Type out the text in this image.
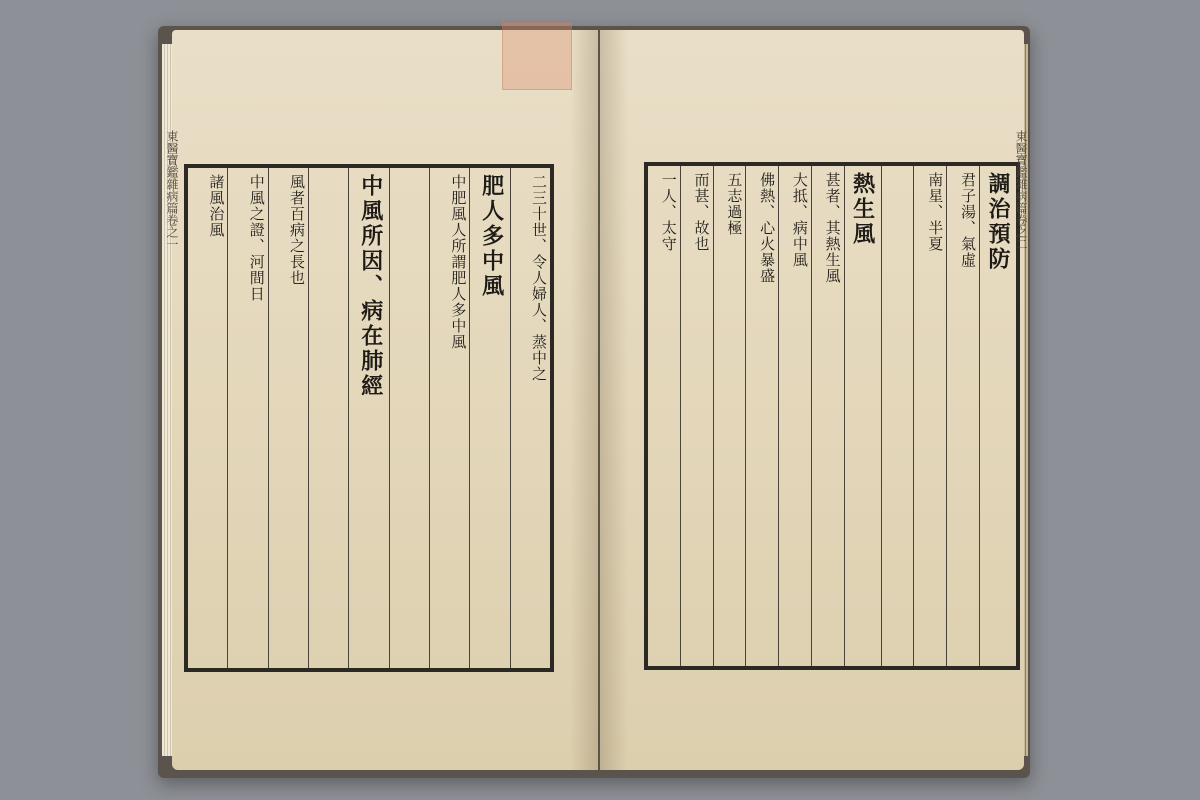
二三十世、令人婦人、蒸中之
肥人多中風
中肥風人所謂肥人多中風
中風所因、病在肺經
風者百病之長也
中風之證、河間日
諸風治風
東醫寶鑑雜病篇卷之一	調治預防
君子湯、氣虛
南星、半夏
熱生風
甚者、其熱生風
大抵、病中風
佛熱、心火暴盛
五志過極
而甚、故也
一人、太守	東醫寶鑑雜病篇卷之二
